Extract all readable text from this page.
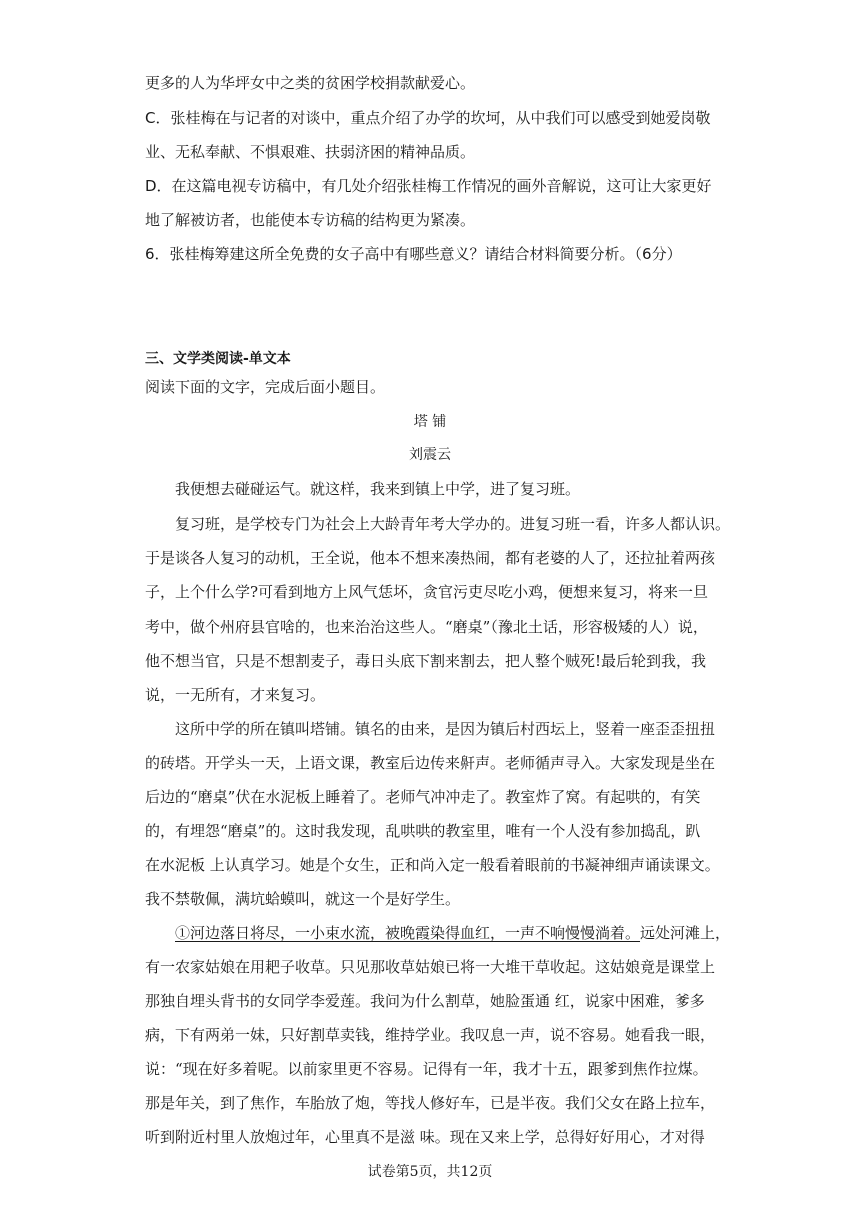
更多的人为华坪女中之类的贫困学校捐款献爱心。
C．张桂梅在与记者的对谈中，重点介绍了办学的坎坷，从中我们可以感受到她爱岗敬
业、无私奉献、不惧艰难、扶弱济困的精神品质。
D．在这篇电视专访稿中，有几处介绍张桂梅工作情况的画外音解说，这可让大家更好
地了解被访者，也能使本专访稿的结构更为紧凑。
6．张桂梅筹建这所全免费的女子高中有哪些意义？请结合材料简要分析。（6分）
三、文学类阅读-单文本
阅读下面的文字，完成后面小题目。
塔 铺
刘震云
我便想去碰碰运气。就这样，我来到镇上中学，进了复习班。
复习班，是学校专门为社会上大龄青年考大学办的。进复习班一看，许多人都认识。
于是谈各人复习的动机，王全说，他本不想来凑热闹，都有老婆的人了，还拉扯着两孩
子，上个什么学?可看到地方上风气恁坏，贪官污吏尽吃小鸡，便想来复习，将来一旦
考中，做个州府县官啥的，也来治治这些人。“磨桌”（豫北土话，形容极矮的人）说，
他不想当官，只是不想割麦子，毒日头底下割来割去，把人整个贼死!最后轮到我，我
说，一无所有，才来复习。
这所中学的所在镇叫塔铺。镇名的由来，是因为镇后村西坛上，竖着一座歪歪扭扭
的砖塔。开学头一天，上语文课，教室后边传来鼾声。老师循声寻入。大家发现是坐在
后边的“磨桌”伏在水泥板上睡着了。老师气冲冲走了。教室炸了窝。有起哄的，有笑
的，有埋怨“磨桌”的。这时我发现，乱哄哄的教室里，唯有一个人没有参加捣乱，趴
在水泥板 上认真学习。她是个女生，正和尚入定一般看着眼前的书凝神细声诵读课文。
我不禁敬佩，满坑蛤蟆叫，就这一个是好学生。
①河边落日将尽，一小束水流，被晚霞染得血红，一声不响慢慢淌着。远处河滩上，
有一农家姑娘在用耙子收草。只见那收草姑娘已将一大堆干草收起。这姑娘竟是课堂上
那独自埋头背书的女同学李爱莲。我问为什么割草，她脸蛋通 红，说家中困难，爹多
病，下有两弟一妹，只好割草卖钱，维持学业。我叹息一声，说不容易。她看我一眼，
说：“现在好多着呢。以前家里更不容易。记得有一年，我才十五，跟爹到焦作拉煤。
那是年关，到了焦作，车胎放了炮，等找人修好车，已是半夜。我们父女在路上拉车，
听到附近村里人放炮过年，心里真不是滋 味。现在又来上学，总得好好用心，才对得
试卷第5页，共12页
